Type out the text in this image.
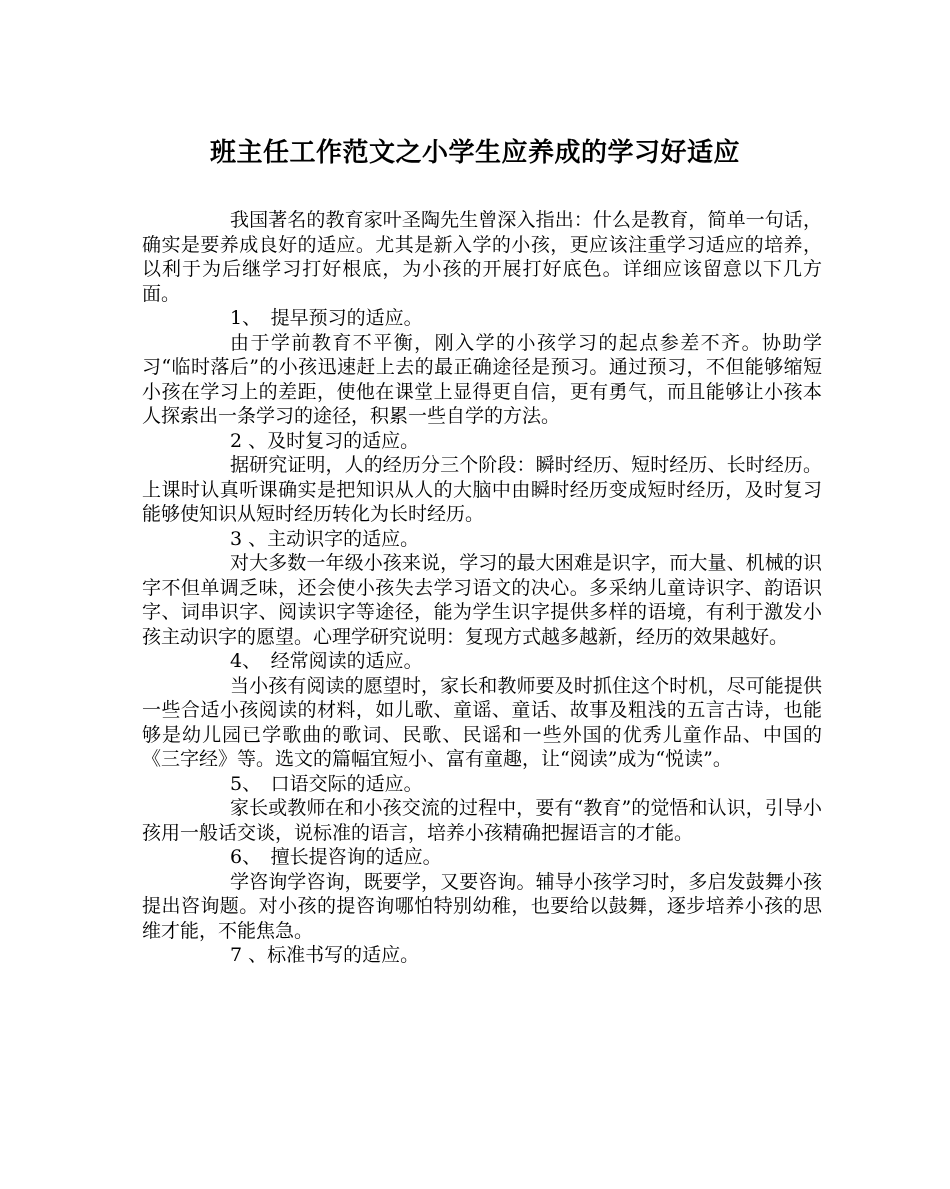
班主任工作范文之小学生应养成的学习好适应

我国著名的教育家叶圣陶先生曾深入指出：什么是教育，简单一句话，确实是要养成良好的适应。尤其是新入学的小孩，更应该注重学习适应的培养，以利于为后继学习打好根底，为小孩的开展打好底色。详细应该留意以下几方面。

1、　提早预习的适应。

由于学前教育不平衡，刚入学的小孩学习的起点参差不齐。协助学习“临时落后”的小孩迅速赶上去的最正确途径是预习。通过预习，不但能够缩短小孩在学习上的差距，使他在课堂上显得更自信，更有勇气，而且能够让小孩本人探索出一条学习的途径，积累一些自学的方法。

2 、及时复习的适应。

据研究证明，人的经历分三个阶段：瞬时经历、短时经历、长时经历。上课时认真听课确实是把知识从人的大脑中由瞬时经历变成短时经历，及时复习能够使知识从短时经历转化为长时经历。

3 、主动识字的适应。

对大多数一年级小孩来说，学习的最大困难是识字，而大量、机械的识字不但单调乏味，还会使小孩失去学习语文的决心。多采纳儿童诗识字、韵语识字、词串识字、阅读识字等途径，能为学生识字提供多样的语境，有利于激发小孩主动识字的愿望。心理学研究说明：复现方式越多越新，经历的效果越好。

4、　经常阅读的适应。

当小孩有阅读的愿望时，家长和教师要及时抓住这个时机，尽可能提供一些合适小孩阅读的材料，如儿歌、童谣、童话、故事及粗浅的五言古诗，也能够是幼儿园已学歌曲的歌词、民歌、民谣和一些外国的优秀儿童作品、中国的《三字经》等。选文的篇幅宜短小、富有童趣，让“阅读”成为“悦读”。

5、　口语交际的适应。

家长或教师在和小孩交流的过程中，要有“教育”的觉悟和认识，引导小孩用一般话交谈，说标准的语言，培养小孩精确把握语言的才能。

6、　擅长提咨询的适应。

学咨询学咨询，既要学，又要咨询。辅导小孩学习时，多启发鼓舞小孩提出咨询题。对小孩的提咨询哪怕特别幼稚，也要给以鼓舞，逐步培养小孩的思维才能，不能焦急。

7 、标准书写的适应。
